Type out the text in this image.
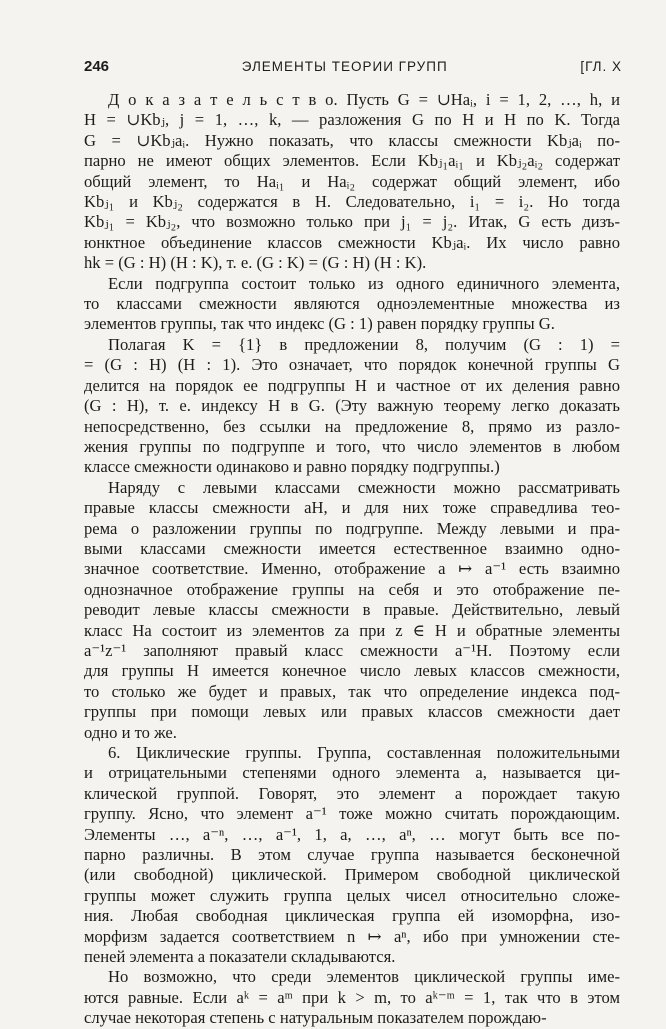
246	ЭЛЕМЕНТЫ ТЕОРИИ ГРУПП	[ГЛ. X
Д о к а з а т е л ь с т в о. Пусть G = ∪Haᵢ, i = 1, 2, …, h, и
H = ∪Kbⱼ, j = 1, …, k, — разложения G по H и H по K. Тогда
G = ∪Kbⱼaᵢ. Нужно показать, что классы смежности Kbⱼaᵢ по-
парно не имеют общих элементов. Если Kbⱼ₁aᵢ₁ и Kbⱼ₂aᵢ₂ содержат
общий элемент, то Haᵢ₁ и Haᵢ₂ содержат общий элемент, ибо
Kbⱼ₁ и Kbⱼ₂ содержатся в H. Следовательно, i₁ = i₂. Но тогда
Kbⱼ₁ = Kbⱼ₂, что возможно только при j₁ = j₂. Итак, G есть дизъ-
юнктное объединение классов смежности Kbⱼaᵢ. Их число равно
hk = (G : H) (H : K), т. е. (G : K) = (G : H) (H : K).
Если подгруппа состоит только из одного единичного элемента,
то классами смежности являются одноэлементные множества из
элементов группы, так что индекс (G : 1) равен порядку группы G.
Полагая K = {1} в предложении 8, получим (G : 1) =
= (G : H) (H : 1). Это означает, что порядок конечной группы G
делится на порядок ее подгруппы H и частное от их деления равно
(G : H), т. е. индексу H в G. (Эту важную теорему легко доказать
непосредственно, без ссылки на предложение 8, прямо из разло-
жения группы по подгруппе и того, что число элементов в любом
классе смежности одинаково и равно порядку подгруппы.)
Наряду с левыми классами смежности можно рассматривать
правые классы смежности aH, и для них тоже справедлива тео-
рема о разложении группы по подгруппе. Между левыми и пра-
выми классами смежности имеется естественное взаимно одно-
значное соответствие. Именно, отображение a ↦ a⁻¹ есть взаимно
однозначное отображение группы на себя и это отображение пе-
реводит левые классы смежности в правые. Действительно, левый
класс Ha состоит из элементов za при z ∈ H и обратные элементы
a⁻¹z⁻¹ заполняют правый класс смежности a⁻¹H. Поэтому если
для группы H имеется конечное число левых классов смежности,
то столько же будет и правых, так что определение индекса под-
группы при помощи левых или правых классов смежности дает
одно и то же.
6. Циклические группы. Группа, составленная положительными
и отрицательными степенями одного элемента a, называется ци-
клической группой. Говорят, это элемент a порождает такую
группу. Ясно, что элемент a⁻¹ тоже можно считать порождающим.
Элементы …, a⁻ⁿ, …, a⁻¹, 1, a, …, aⁿ, … могут быть все по-
парно различны. В этом случае группа называется бесконечной
(или свободной) циклической. Примером свободной циклической
группы может служить группа целых чисел относительно сложе-
ния. Любая свободная циклическая группа ей изоморфна, изо-
морфизм задается соответствием n ↦ aⁿ, ибо при умножении сте-
пеней элемента a показатели складываются.
Но возможно, что среди элементов циклической группы име-
ются равные. Если aᵏ = aᵐ при k > m, то aᵏ⁻ᵐ = 1, так что в этом
случае некоторая степень с натуральным показателем порождаю-
